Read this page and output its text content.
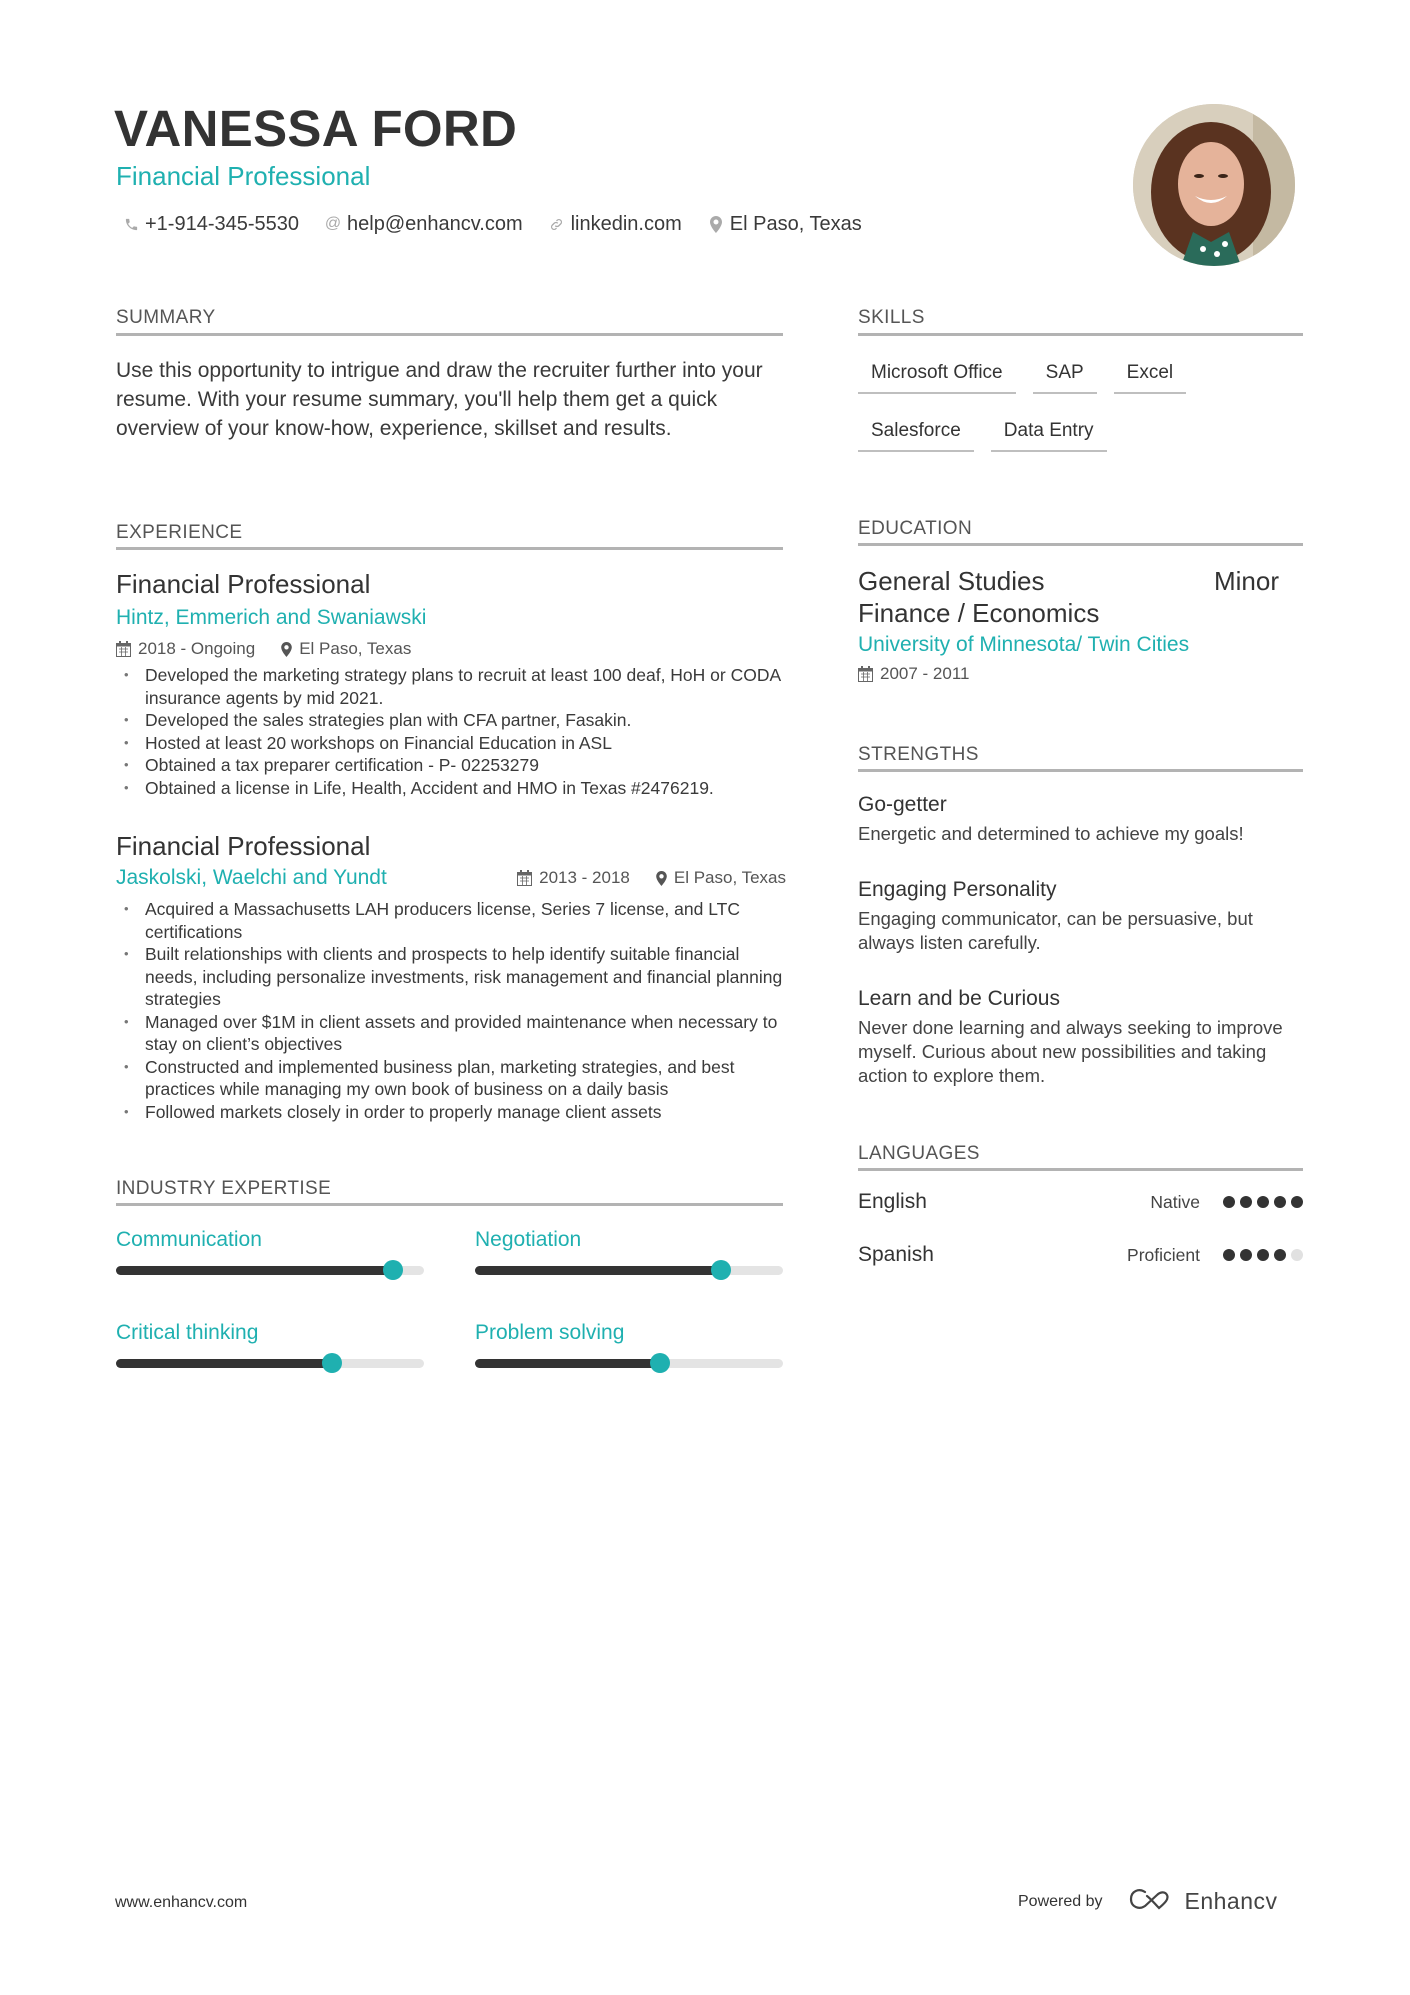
VANESSA FORD
Financial Professional
+1-914-345-5530 @ help@enhancv.com linkedin.com El Paso, Texas
SUMMARY
Use this opportunity to intrigue and draw the recruiter further into your resume. With your resume summary, you'll help them get a quick overview of your know-how, experience, skillset and results.
EXPERIENCE
Financial Professional
Hintz, Emmerich and Swaniawski
2018 - Ongoing	El Paso, Texas
• Developed the marketing strategy plans to recruit at least 100 deaf, HoH or CODA insurance agents by mid 2021.
• Developed the sales strategies plan with CFA partner, Fasakin.
• Hosted at least 20 workshops on Financial Education in ASL
• Obtained a tax preparer certification - P- 02253279
• Obtained a license in Life, Health, Accident and HMO in Texas #2476219.
Financial Professional
Jaskolski, Waelchi and Yundt	2013 - 2018	El Paso, Texas
• Acquired a Massachusetts LAH producers license, Series 7 license, and LTC certifications
• Built relationships with clients and prospects to help identify suitable financial needs, including personalize investments, risk management and financial planning strategies
• Managed over $1M in client assets and provided maintenance when necessary to stay on client’s objectives
• Constructed and implemented business plan, marketing strategies, and best practices while managing my own book of business on a daily basis
• Followed markets closely in order to properly manage client assets
INDUSTRY EXPERTISE
Communication	Negotiation
Critical thinking	Problem solving
SKILLS
Microsoft Office	SAP	Excel
Salesforce	Data Entry
EDUCATION
General Studies	Minor
Finance / Economics
University of Minnesota/ Twin Cities
2007 - 2011
STRENGTHS
Go-getter
Energetic and determined to achieve my goals!
Engaging Personality
Engaging communicator, can be persuasive, but always listen carefully.
Learn and be Curious
Never done learning and always seeking to improve myself. Curious about new possibilities and taking action to explore them.
LANGUAGES
English	Native
Spanish	Proficient
www.enhancv.com	Powered by	Enhancv
